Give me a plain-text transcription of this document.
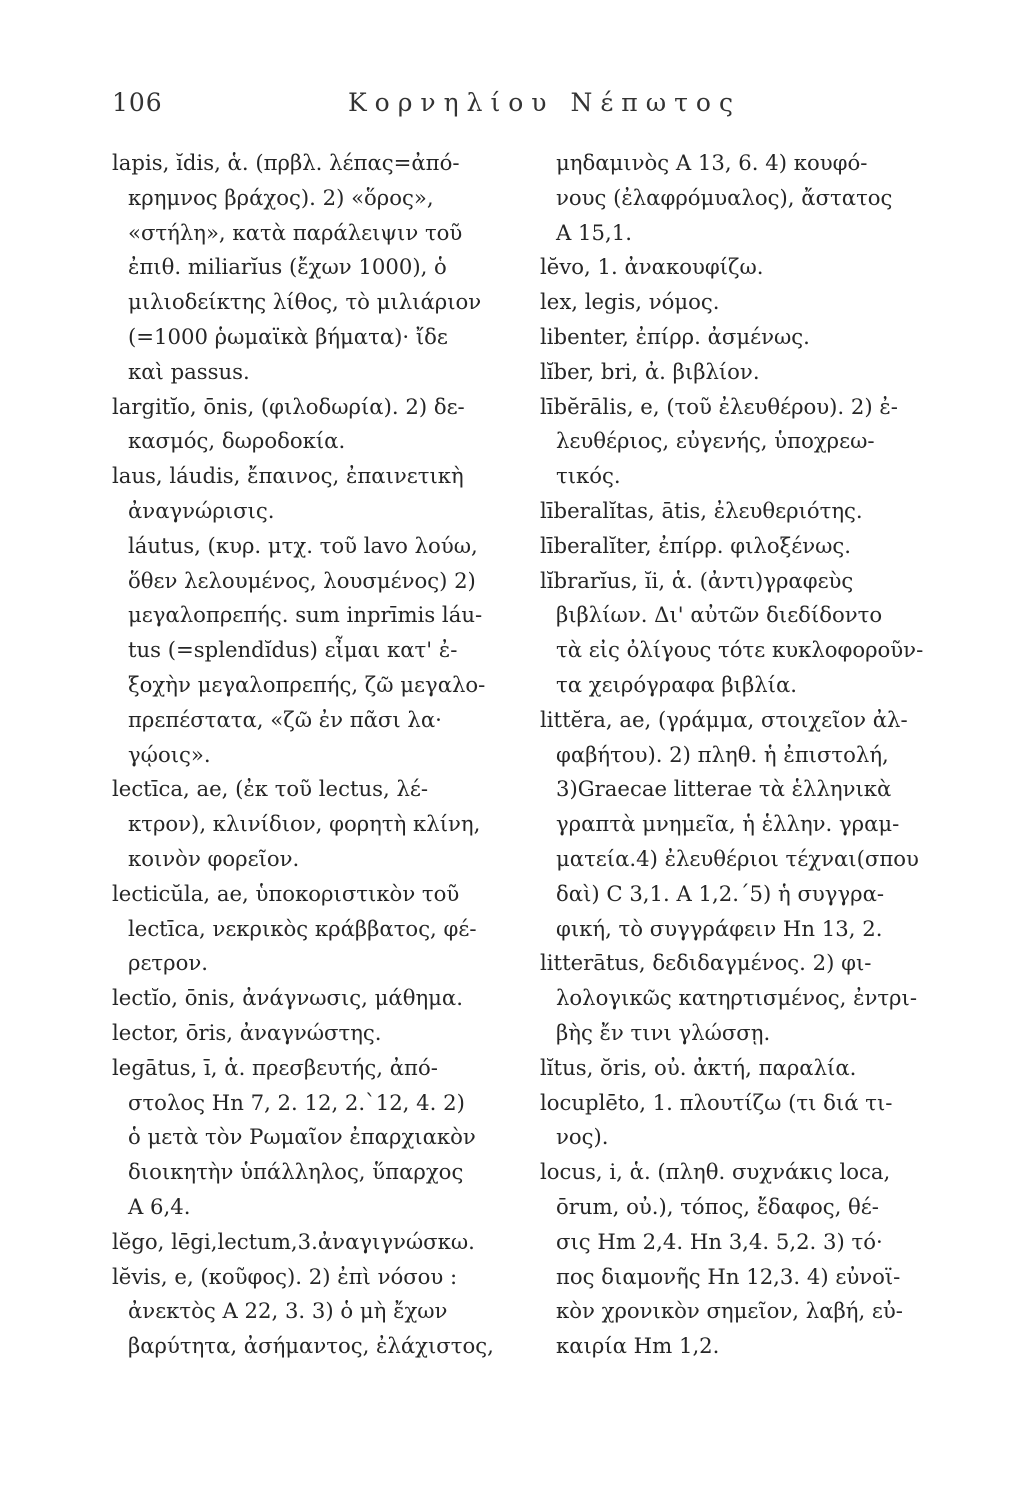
106	Κορνηλίου Νέπωτος
lapis, ĭdis, ἁ. (πρβλ. λέπας=ἀπό-
κρημνος βράχος). 2) «ὅρος»,
«στήλη», κατὰ παράλειψιν τοῦ
ἐπιθ. miliarĭus (ἔχων 1000), ὁ
μιλιοδείκτης λίθος, τὸ μιλιάριον
(=1000 ῥωμαϊκὰ βήματα)· ἴδε
καὶ passus.
largitĭo, ōnis, (φιλοδωρία). 2) δε-
κασμός, δωροδοκία.
laus, láudis, ἔπαινος, ἐπαινετικὴ
ἀναγνώρισις.
láutus, (κυρ. μτχ. τοῦ lavo λούω,
ὅθεν λελουμένος, λουσμένος) 2)
μεγαλοπρεπής. sum inprīmis láu-
tus (=splendĭdus) εἶμαι κατ' ἐ-
ξοχὴν μεγαλοπρεπής, ζῶ μεγαλο-
πρεπέστατα, «ζῶ ἐν πᾶσι λα·
γῴοις».
lectīca, ae, (ἐκ τοῦ lectus, λέ-
κτρον), κλινίδιον, φορητὴ κλίνη,
κοινὸν φορεῖον.
lecticŭla, ae, ὑποκοριστικὸν τοῦ
lectīca, νεκρικὸς κράββατος, φέ-
ρετρον.
lectĭo, ōnis, ἀνάγνωσις, μάθημα.
lector, ōris, ἀναγνώστης.
legātus, ī, ἁ. πρεσβευτής, ἀπό-
στολος Hn 7, 2. 12, 2.`12, 4. 2)
ὁ μετὰ τὸν Ρωμαῖον ἐπαρχιακὸν
διοικητὴν ὑπάλληλος, ὕπαρχος
A 6,4.
lĕgo, lēgi,lectum,3.ἀναγιγνώσκω.
lĕvis, e, (κοῦφος). 2) ἐπὶ νόσου :
ἀνεκτὸς A 22, 3. 3) ὁ μὴ ἔχων
βαρύτητα, ἀσήμαντος, ἐλάχιστος,
μηδαμινὸς A 13, 6. 4) κουφό-
νους (ἐλαφρόμυαλος), ἄστατος
A 15,1.
lĕvo, 1. ἀνακουφίζω.
lex, legis, νόμος.
libenter, ἐπίρρ. ἀσμένως.
lĭber, bri, ἀ. βιβλίον.
lībĕrālis, e, (τοῦ ἐλευθέρου). 2) ἐ-
λευθέριος, εὐγενής, ὑποχρεω-
τικός.
līberalĭtas, ātis, ἐλευθεριότης.
līberalĭter, ἐπίρρ. φιλοξένως.
lĭbrarĭus, ĭi, ἁ. (ἀντι)γραφεὺς
βιβλίων. Δι' αὐτῶν διεδίδοντο
τὰ εἰς ὀλίγους τότε κυκλοφοροῦν-
τα χειρόγραφα βιβλία.
littĕra, ae, (γράμμα, στοιχεῖον ἀλ-
φαβήτου). 2) πληθ. ἡ ἐπιστολή,
3)Graecae litterae τὰ ἑλληνικὰ
γραπτὰ μνημεῖα, ἡ ἑλλην. γραμ-
ματεία.4) ἐλευθέριοι τέχναι(σπου
δαὶ) C 3,1. A 1,2.´5) ἡ συγγρα-
φική, τὸ συγγράφειν Hn 13, 2.
litterātus, δεδιδαγμένος. 2) φι-
λολογικῶς κατηρτισμένος, ἐντρι-
βὴς ἔν τινι γλώσσῃ.
lĭtus, ŏris, οὐ. ἀκτή, παραλία.
locuplēto, 1. πλουτίζω (τι διά τι-
νος).
locus, i, ἁ. (πληθ. συχνάκις loca,
ōrum, οὐ.), τόπος, ἔδαφος, θέ-
σις Hm 2,4. Hn 3,4. 5,2. 3) τό·
πος διαμονῆς Hn 12,3. 4) εὐνοϊ-
κὸν χρονικὸν σημεῖον, λαβή, εὐ-
καιρία Hm 1,2.
